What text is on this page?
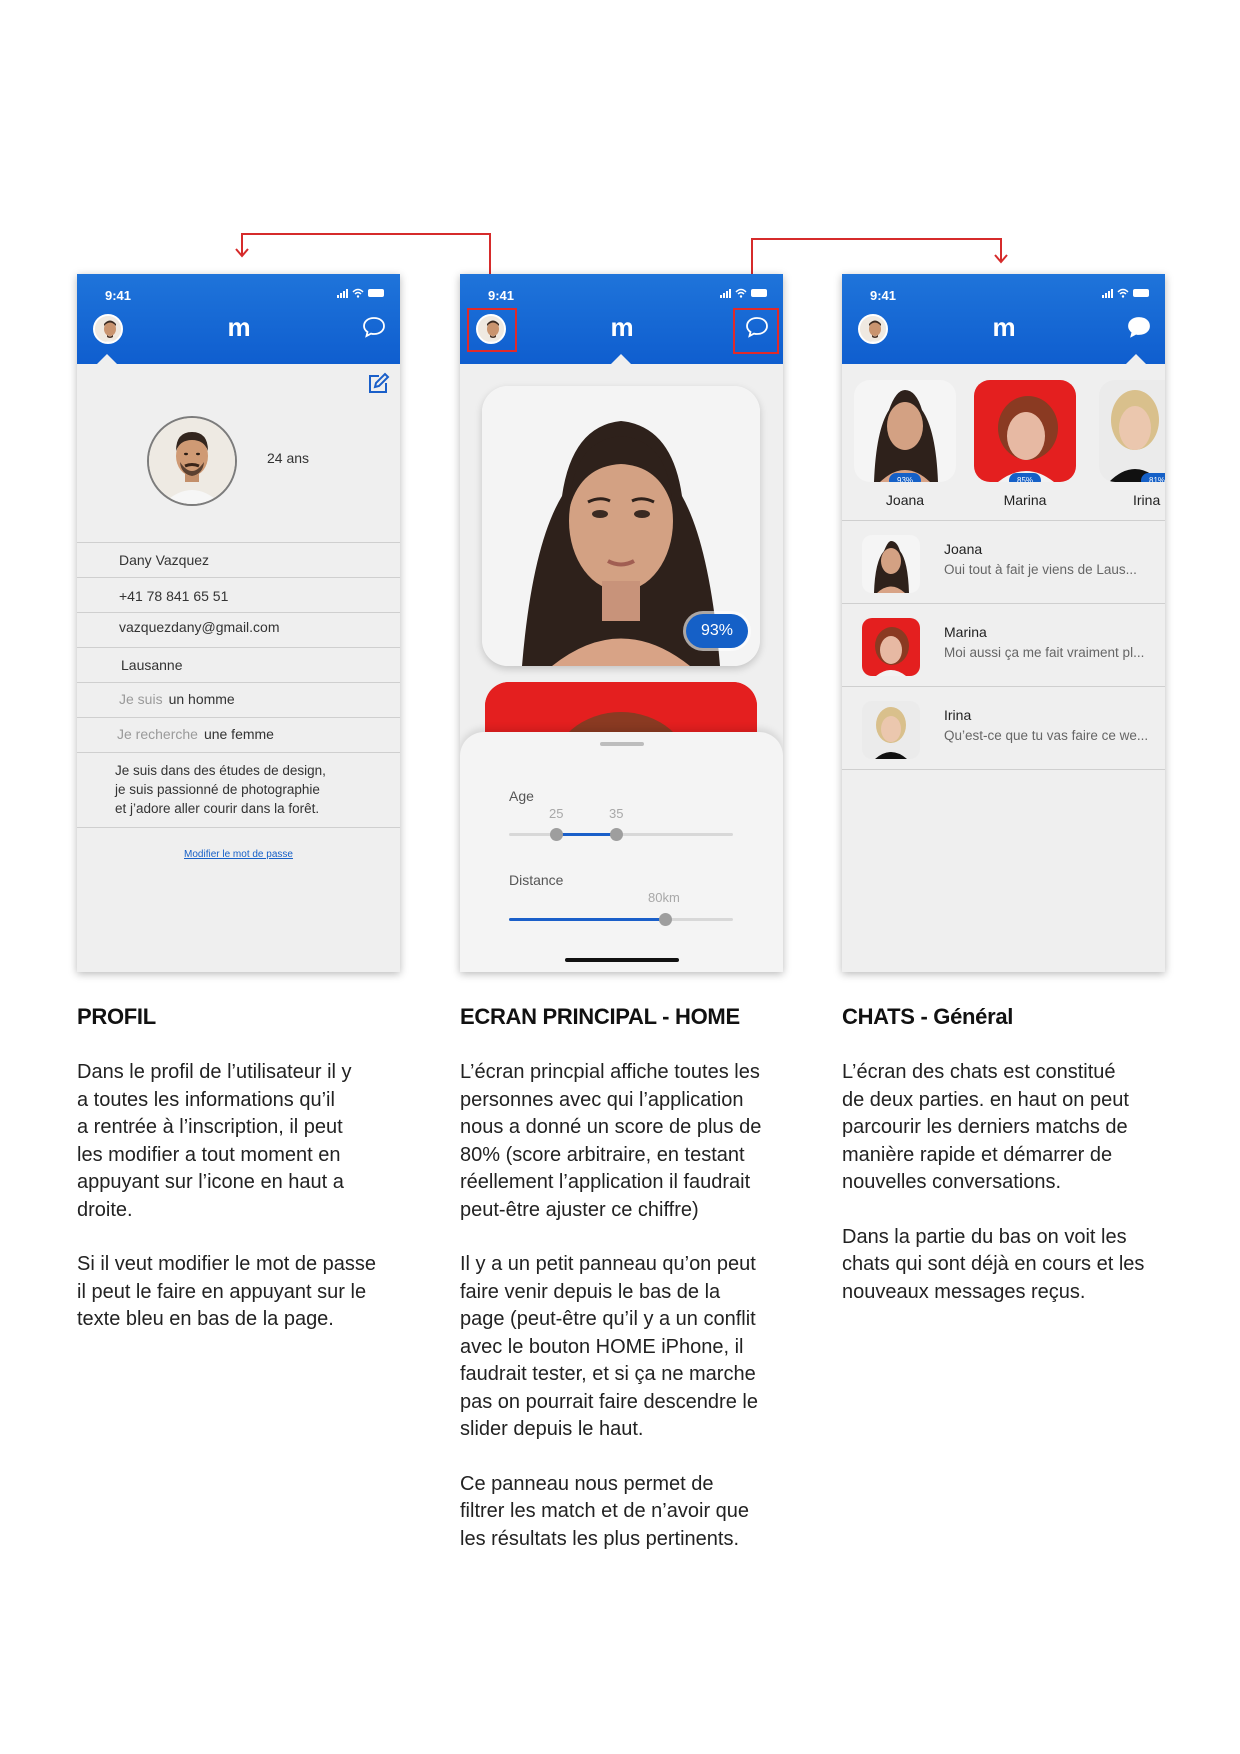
9:41
m
24 ans
Dany Vazquez
+41 78 841 65 51
vazquezdany@gmail.com
Lausanne
Je suis un homme
Je recherche une femme
Je suis dans des études de design,
je suis passionné de photographie
et j’adore aller courir dans la forêt.
Modifier le mot de passe
9:41
m
93%
Age
25	35
Distance
80km
9:41
m
93%
Joana
85%
Marina
81%
Irina
Joana
Oui tout à fait je viens de Laus...
Marina
Moi aussi ça me fait vraiment pl...
Irina
Qu’est-ce que tu vas faire ce we...
PROFIL

Dans le profil de l’utilisateur il y
a toutes les informations qu’il
a rentrée à l’inscription, il peut
les modifier a tout moment en
appuyant sur l’icone en haut a
droite.

Si il veut modifier le mot de passe
il peut le faire en appuyant sur le
texte bleu en bas de la page.

ECRAN PRINCIPAL - HOME

L’écran princpial affiche toutes les
personnes avec qui l’application
nous a donné un score de plus de
80% (score arbitraire, en testant
réellement l’application il faudrait
peut-être ajuster ce chiffre)

Il y a un petit panneau qu’on peut
faire venir depuis le bas de la
page (peut-être qu’il y a un conflit
avec le bouton HOME iPhone, il
faudrait tester, et si ça ne marche
pas on pourrait faire descendre le
slider depuis le haut.

Ce panneau nous permet de
filtrer les match et de n’avoir que
les résultats les plus pertinents.

CHATS - Général

L’écran des chats est constitué
de deux parties. en haut on peut
parcourir les derniers matchs de
manière rapide et démarrer de
nouvelles conversations.

Dans la partie du bas on voit les
chats qui sont déjà en cours et les
nouveaux messages reçus.
